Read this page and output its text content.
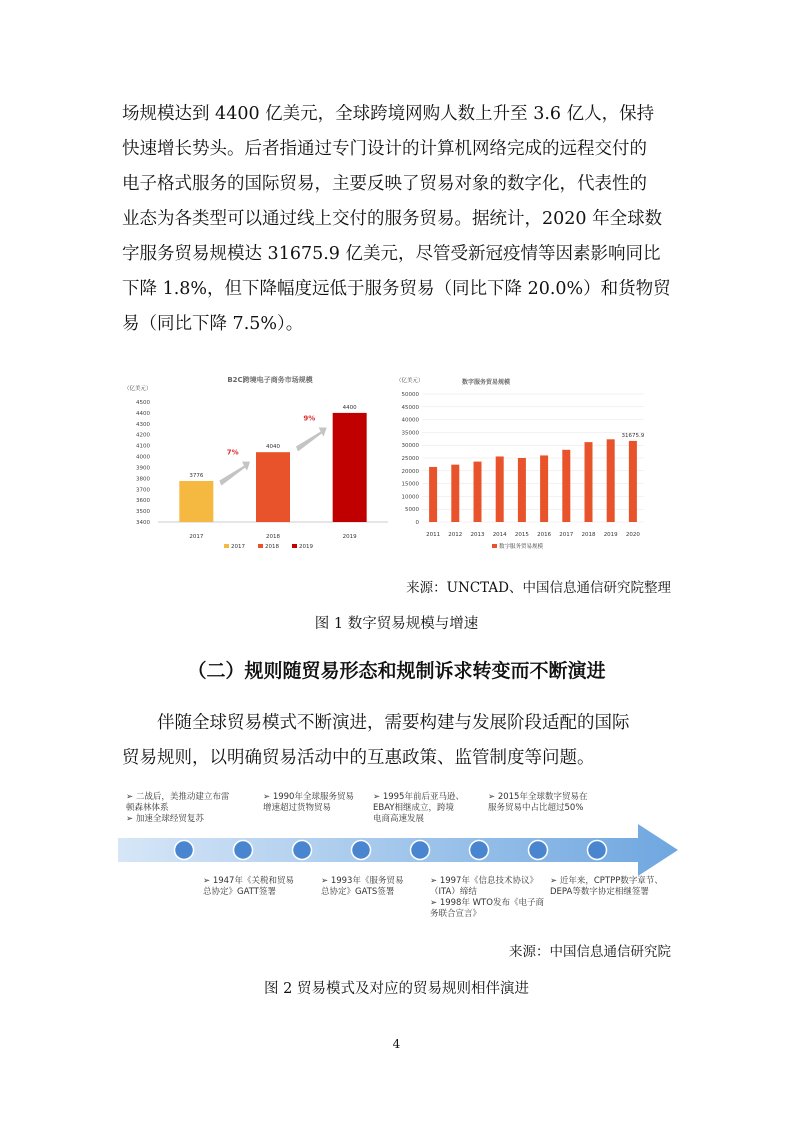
场规模达到 4400 亿美元，全球跨境网购人数上升至 3.6 亿人，保持
快速增长势头。后者指通过专门设计的计算机网络完成的远程交付的
电子格式服务的国际贸易，主要反映了贸易对象的数字化，代表性的
业态为各类型可以通过线上交付的服务贸易。据统计，2020 年全球数
字服务贸易规模达 31675.9 亿美元，尽管受新冠疫情等因素影响同比
下降 1.8%，但下降幅度远低于服务贸易（同比下降 20.0%）和货物贸
易（同比下降 7.5%）。
B2C跨境电子商务市场规模
（亿美元）
3400
3500
3600
3700
3800
3900
4000
4100
4200
4300
4400
4500
3776
2017
7%
4040
2018
9%
4400
2019
2017	2018	2019
数字服务贸易规模
（亿美元）
0
5000
10000
15000
20000
25000
30000
35000
40000
45000
50000
2011 2012 2013 2014 2015 2016 2017 2018 2019 2020
31675.9
数字服务贸易规模
来源：UNCTAD、中国信息通信研究院整理
图 1 数字贸易规模与增速
（二）规则随贸易形态和规制诉求转变而不断演进
伴随全球贸易模式不断演进，需要构建与发展阶段适配的国际
贸易规则，以明确贸易活动中的互惠政策、监管制度等问题。
➢ 二战后，美推动建立布雷
顿森林体系
➢ 加速全球经贸复苏
➢ 1990年全球服务贸易
增速超过货物贸易
➢ 1995年前后亚马逊、
EBAY相继成立，跨境
电商高速发展
➢ 2015年全球数字贸易在
服务贸易中占比超过50%
➢ 1947年《关税和贸易
总协定》GATT签署
➢ 1993年《服务贸易
总协定》GATS签署
➢ 1997年《信息技术协议》
（ITA）缔结
➢ 1998年 WTO发布《电子商
务联合宣言》
➢ 近年来，CPTPP数字章节、
DEPA等数字协定相继签署
来源：中国信息通信研究院
图 2 贸易模式及对应的贸易规则相伴演进
4
